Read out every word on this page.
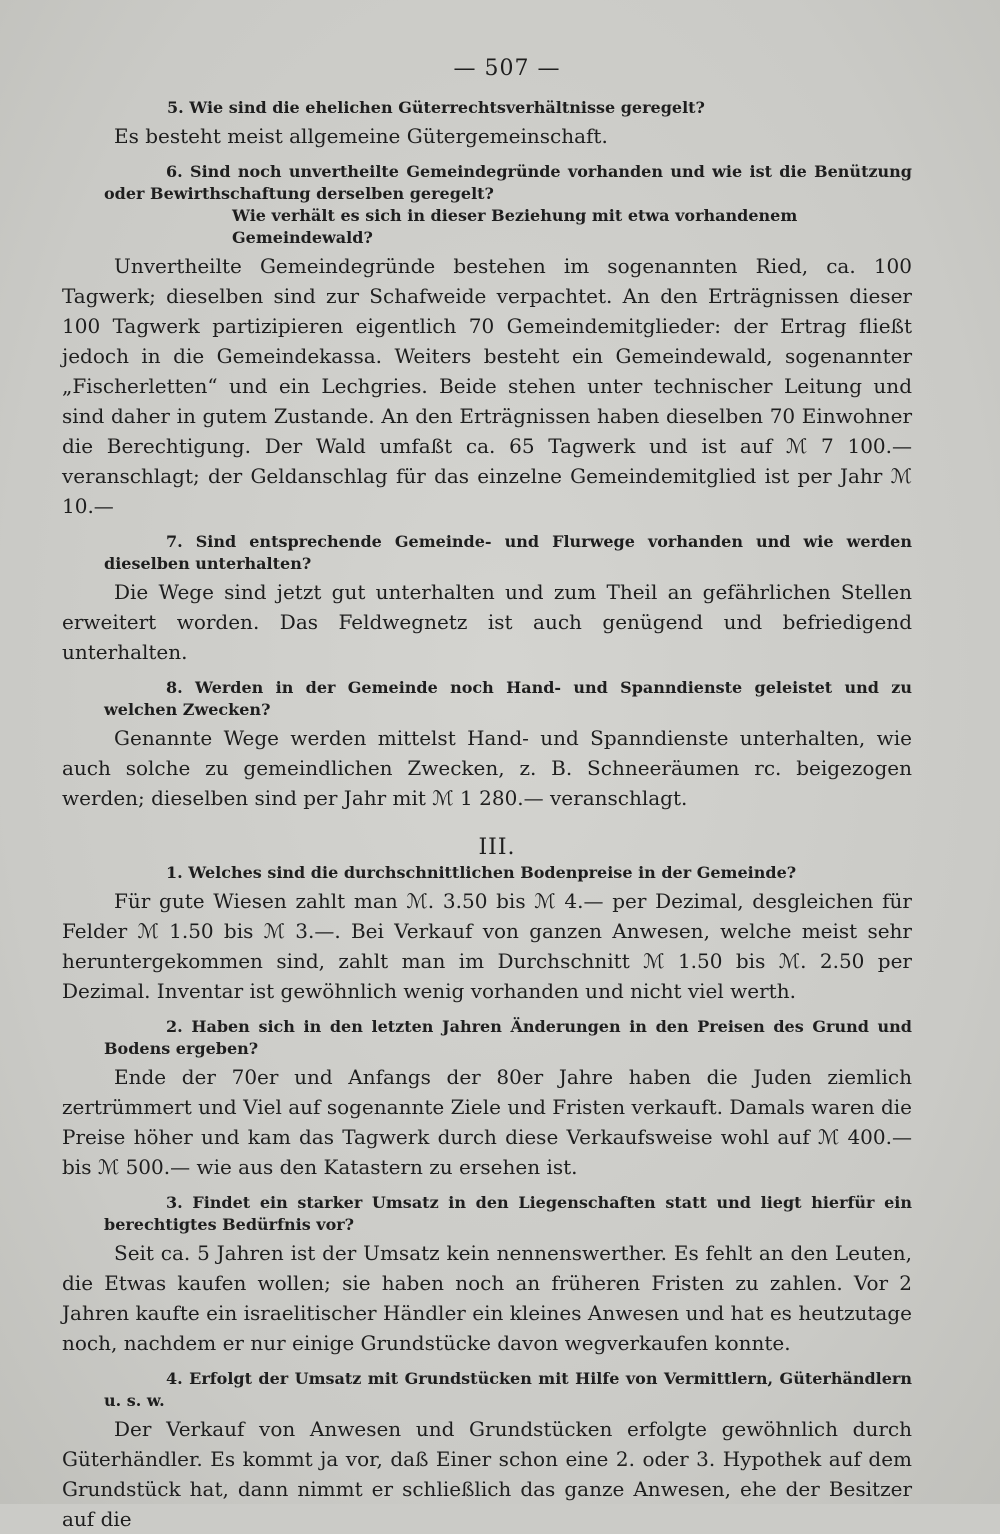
— 507 —

5. Wie sind die ehelichen Güterrechtsverhältnisse geregelt?

Es besteht meist allgemeine Gütergemeinschaft.

6. Sind noch unvertheilte Gemeindegründe vorhanden und wie ist die Benützung oder Bewirthschaftung derselben geregelt?

Wie verhält es sich in dieser Beziehung mit etwa vorhandenem Gemeindewald?

Unvertheilte Gemeindegründe bestehen im sogenannten Ried, ca. 100 Tagwerk; dieselben sind zur Schafweide verpachtet. An den Erträgnissen dieser 100 Tagwerk partizipieren eigentlich 70 Gemeindemitglieder: der Ertrag fließt jedoch in die Gemeindekassa. Weiters besteht ein Gemeindewald, sogenannter „Fischerletten“ und ein Lechgries. Beide stehen unter technischer Leitung und sind daher in gutem Zustande. An den Erträgnissen haben dieselben 70 Einwohner die Berechtigung. Der Wald umfaßt ca. 65 Tagwerk und ist auf ℳ 7 100.— veranschlagt; der Geldanschlag für das einzelne Gemeindemitglied ist per Jahr ℳ 10.—

7. Sind entsprechende Gemeinde- und Flurwege vorhanden und wie werden dieselben unterhalten?

Die Wege sind jetzt gut unterhalten und zum Theil an gefährlichen Stellen erweitert worden. Das Feldwegnetz ist auch genügend und befriedigend unterhalten.

8. Werden in der Gemeinde noch Hand- und Spanndienste geleistet und zu welchen Zwecken?

Genannte Wege werden mittelst Hand- und Spanndienste unterhalten, wie auch solche zu gemeindlichen Zwecken, z. B. Schneeräumen rc. beigezogen werden; dieselben sind per Jahr mit ℳ 1 280.— veranschlagt.

III.

1. Welches sind die durchschnittlichen Bodenpreise in der Gemeinde?

Für gute Wiesen zahlt man ℳ. 3.50 bis ℳ 4.— per Dezimal, desgleichen für Felder ℳ 1.50 bis ℳ 3.—. Bei Verkauf von ganzen Anwesen, welche meist sehr heruntergekommen sind, zahlt man im Durchschnitt ℳ 1.50 bis ℳ. 2.50 per Dezimal. Inventar ist gewöhnlich wenig vorhanden und nicht viel werth.

2. Haben sich in den letzten Jahren Änderungen in den Preisen des Grund und Bodens ergeben?

Ende der 70er und Anfangs der 80er Jahre haben die Juden ziemlich zertrümmert und Viel auf sogenannte Ziele und Fristen verkauft. Damals waren die Preise höher und kam das Tagwerk durch diese Verkaufsweise wohl auf ℳ 400.— bis ℳ 500.— wie aus den Katastern zu ersehen ist.

3. Findet ein starker Umsatz in den Liegenschaften statt und liegt hierfür ein berechtigtes Bedürfnis vor?

Seit ca. 5 Jahren ist der Umsatz kein nennenswerther. Es fehlt an den Leuten, die Etwas kaufen wollen; sie haben noch an früheren Fristen zu zahlen. Vor 2 Jahren kaufte ein israelitischer Händler ein kleines Anwesen und hat es heutzutage noch, nachdem er nur einige Grundstücke davon wegverkaufen konnte.

4. Erfolgt der Umsatz mit Grundstücken mit Hilfe von Vermittlern, Güterhändlern u. s. w.

Der Verkauf von Anwesen und Grundstücken erfolgte gewöhnlich durch Güterhändler. Es kommt ja vor, daß Einer schon eine 2. oder 3. Hypothek auf dem Grundstück hat, dann nimmt er schließlich das ganze Anwesen, ehe der Besitzer auf die
